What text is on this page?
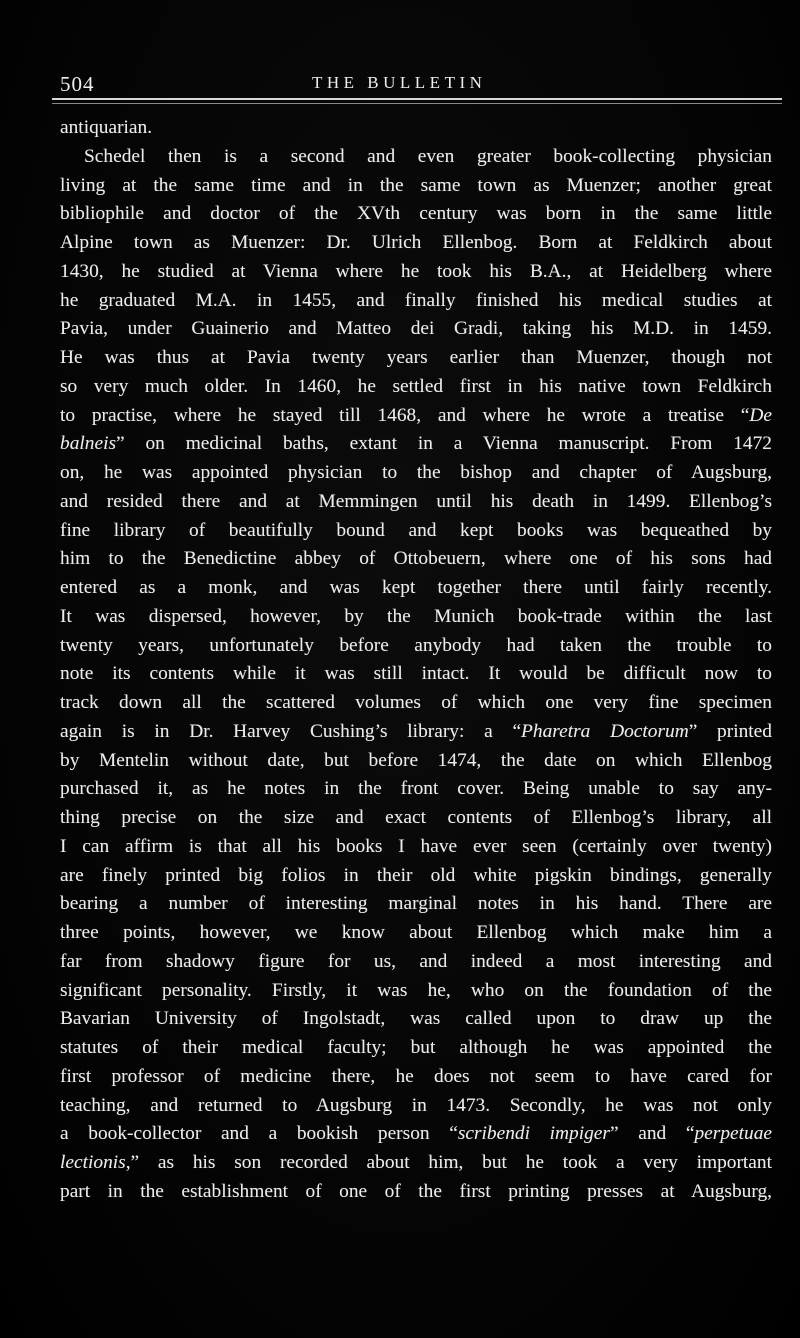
504	THE BULLETIN
antiquarian.
Schedel then is a second and even greater book-collecting physician
living at the same time and in the same town as Muenzer; another great
bibliophile and doctor of the XVth century was born in the same little
Alpine town as Muenzer: Dr. Ulrich Ellenbog. Born at Feldkirch about
1430, he studied at Vienna where he took his B.A., at Heidelberg where
he graduated M.A. in 1455, and finally finished his medical studies at
Pavia, under Guainerio and Matteo dei Gradi, taking his M.D. in 1459.
He was thus at Pavia twenty years earlier than Muenzer, though not
so very much older. In 1460, he settled first in his native town Feldkirch
to practise, where he stayed till 1468, and where he wrote a treatise “De
balneis” on medicinal baths, extant in a Vienna manuscript. From 1472
on, he was appointed physician to the bishop and chapter of Augsburg,
and resided there and at Memmingen until his death in 1499. Ellenbog’s
fine library of beautifully bound and kept books was bequeathed by
him to the Benedictine abbey of Ottobeuern, where one of his sons had
entered as a monk, and was kept together there until fairly recently.
It was dispersed, however, by the Munich book-trade within the last
twenty years, unfortunately before anybody had taken the trouble to
note its contents while it was still intact. It would be difficult now to
track down all the scattered volumes of which one very fine specimen
again is in Dr. Harvey Cushing’s library: a “Pharetra Doctorum” printed
by Mentelin without date, but before 1474, the date on which Ellenbog
purchased it, as he notes in the front cover. Being unable to say any-
thing precise on the size and exact contents of Ellenbog’s library, all
I can affirm is that all his books I have ever seen (certainly over twenty)
are finely printed big folios in their old white pigskin bindings, generally
bearing a number of interesting marginal notes in his hand. There are
three points, however, we know about Ellenbog which make him a
far from shadowy figure for us, and indeed a most interesting and
significant personality. Firstly, it was he, who on the foundation of the
Bavarian University of Ingolstadt, was called upon to draw up the
statutes of their medical faculty; but although he was appointed the
first professor of medicine there, he does not seem to have cared for
teaching, and returned to Augsburg in 1473. Secondly, he was not only
a book-collector and a bookish person “scribendi impiger” and “perpetuae
lectionis,” as his son recorded about him, but he took a very important
part in the establishment of one of the first printing presses at Augsburg,
